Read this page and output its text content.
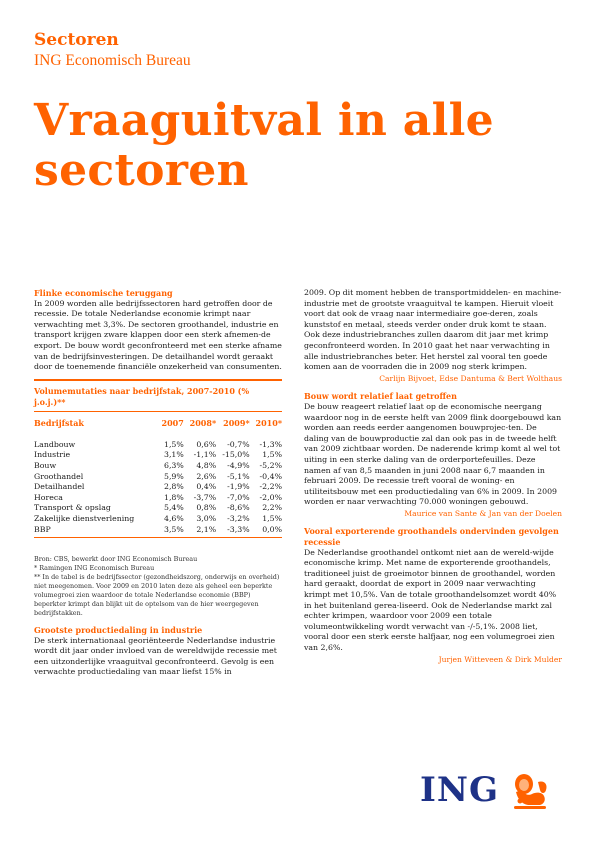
Sectoren
ING Economisch Bureau
Vraaguitval in alle sectoren
Flinke economische teruggang

In 2009 worden alle bedrijfssectoren hard getroffen door de recessie. De totale Nederlandse economie krimpt naar verwachting met 3,3%. De sectoren groothandel, industrie en transport krijgen zware klappen door een sterk afnemen-de export. De bouw wordt geconfronteerd met een sterke afname van de bedrijfsinvesteringen. De detailhandel wordt geraakt door de toenemende financiële onzekerheid van consumenten.

Volumemutaties naar bedrijfstak, 2007-2010 (% j.o.j.)**
Bedrijfstak	2007	2008*	2009*	2010*

Landbouw	1,5%	0,6%	-0,7%	-1,3%
Industrie	3,1%	-1,1%	-15,0%	1,5%
Bouw	6,3%	4,8%	-4,9%	-5,2%
Groothandel	5,9%	2,6%	-5,1%	-0,4%
Detailhandel	2,8%	0,4%	-1,9%	-2,2%
Horeca	1,8%	-3,7%	-7,0%	-2,0%
Transport & opslag	5,4%	0,8%	-8,6%	2,2%
Zakelijke dienstverlening	4,6%	3,0%	-3,2%	1,5%
BBP	3,5%	2,1%	-3,3%	0,0%

Bron: CBS, bewerkt door ING Economisch Bureau

* Ramingen ING Economisch Bureau

** In de tabel is de bedrijfssector (gezondheidszorg, onderwijs en overheid) niet meegenomen. Voor 2009 en 2010 laten deze als geheel een beperkte volumegroei zien waardoor de totale Nederlandse economie (BBP) beperkter krimpt dan blijkt uit de optelsom van de hier weergegeven bedrijfstakken.

Grootste productiedaling in industrie

De sterk internationaal georiënteerde Nederlandse industrie wordt dit jaar onder invloed van de wereldwijde recessie met een uitzonderlijke vraaguitval geconfronteerd. Gevolg is een verwachte productiedaling van maar liefst 15% in

2009. Op dit moment hebben de transportmiddelen- en machine-industrie met de grootste vraaguitval te kampen. Hieruit vloeit voort dat ook de vraag naar intermediaire goe-deren, zoals kunststof en metaal, steeds verder onder druk komt te staan. Ook deze industriebranches zullen daarom dit jaar met krimp geconfronteerd worden. In 2010 gaat het naar verwachting in alle industriebranches beter. Het herstel zal vooral ten goede komen aan de voorraden die in 2009 nog sterk krimpen.

Carlijn Bijvoet, Edse Dantuma & Bert Wolthaus
Bouw wordt relatief laat getroffen

De bouw reageert relatief laat op de economische neergang waardoor nog in de eerste helft van 2009 flink doorgebouwd kan worden aan reeds eerder aangenomen bouwprojec-ten. De daling van de bouwproductie zal dan ook pas in de tweede helft van 2009 zichtbaar worden. De naderende krimp komt al wel tot uiting in een sterke daling van de orderportefeuilles. Deze namen af van 8,5 maanden in juni 2008 naar 6,7 maanden in februari 2009. De recessie treft vooral de woning- en utiliteitsbouw met een productiedaling van 6% in 2009. In 2009 worden er naar verwachting 70.000 woningen gebouwd.

Maurice van Sante & Jan van der Doelen
Vooral exporterende groothandels ondervinden gevolgen recessie

De Nederlandse groothandel ontkomt niet aan de wereld-wijde economische krimp. Met name de exporterende groothandels, traditioneel juist de groeimotor binnen de groothandel, worden hard geraakt, doordat de export in 2009 naar verwachting krimpt met 10,5%. Van de totale groothandelsomzet wordt 40% in het buitenland gerea-liseerd. Ook de Nederlandse markt zal echter krimpen, waardoor voor 2009 een totale volumeontwikkeling wordt verwacht van -/-5,1%. 2008 liet, vooral door een sterk eerste halfjaar, nog een volumegroei zien van 2,6%.

Jurjen Witteveen & Dirk Mulder
ING
